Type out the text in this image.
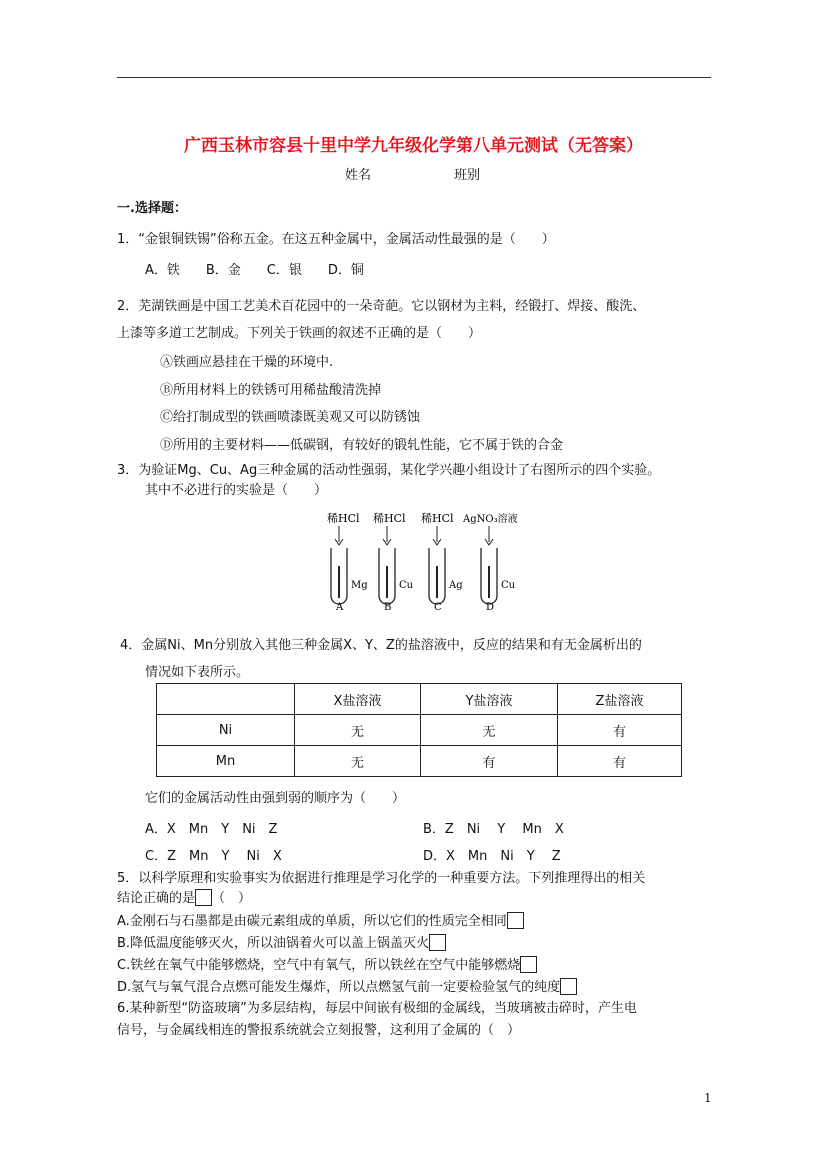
广西玉林市容县十里中学九年级化学第八单元测试（无答案）
姓名	班别
一.选择题：
1．“金银铜铁锡”俗称五金。在这五种金属中，金属活动性最强的是（　　）
A．铁　　B．金　　C．银　　D．铜
2．芜湖铁画是中国工艺美术百花园中的一朵奇葩。它以钢材为主料，经锻打、焊接、酸洗、
上漆等多道工艺制成。下列关于铁画的叙述不正确的是（　　）
Ⓐ铁画应悬挂在干燥的环境中.
Ⓑ所用材料上的铁锈可用稀盐酸清洗掉
Ⓒ给打制成型的铁画喷漆既美观又可以防锈蚀
Ⓓ所用的主要材料——低碳钢，有较好的锻轧性能，它不属于铁的合金
3．为验证Mg、Cu、Ag三种金属的活动性强弱，某化学兴趣小组设计了右图所示的四个实验。
其中不必进行的实验是（　　）
稀HCl
Mg
A
稀HCl
Cu
B
稀HCl
Ag
C
AgNO₃溶液
Cu
D
4．金属Ni、Mn分别放入其他三种金属X、Y、Z的盐溶液中，反应的结果和有无金属析出的
情况如下表所示。
	X盐溶液	Y盐溶液	Z盐溶液
Ni	无	无	有
Mn	无	有	有
它们的金属活动性由强到弱的顺序为（　　）
A．X　Mn　Y　Ni　Z	B．Z　Ni　 Y　 Mn　X
C．Z　Mn　Y　 Ni　X	D．X　Mn　Ni　Y　 Z
5．以科学原理和实验事实为依据进行推理是学习化学的一种重要方法。下列推理得出的相关
结论正确的是 （　）
A.金刚石与石墨都是由碳元素组成的单质，所以它们的性质完全相同
B.降低温度能够灭火，所以油锅着火可以盖上锅盖灭火
C.铁丝在氧气中能够燃烧，空气中有氧气，所以铁丝在空气中能够燃烧
D.氢气与氧气混合点燃可能发生爆炸，所以点燃氢气前一定要检验氢气的纯度
6.某种新型“防盗玻璃”为多层结构，每层中间嵌有极细的金属线，当玻璃被击碎时，产生电
信号，与金属线相连的警报系统就会立刻报警，这利用了金属的（　）
1
